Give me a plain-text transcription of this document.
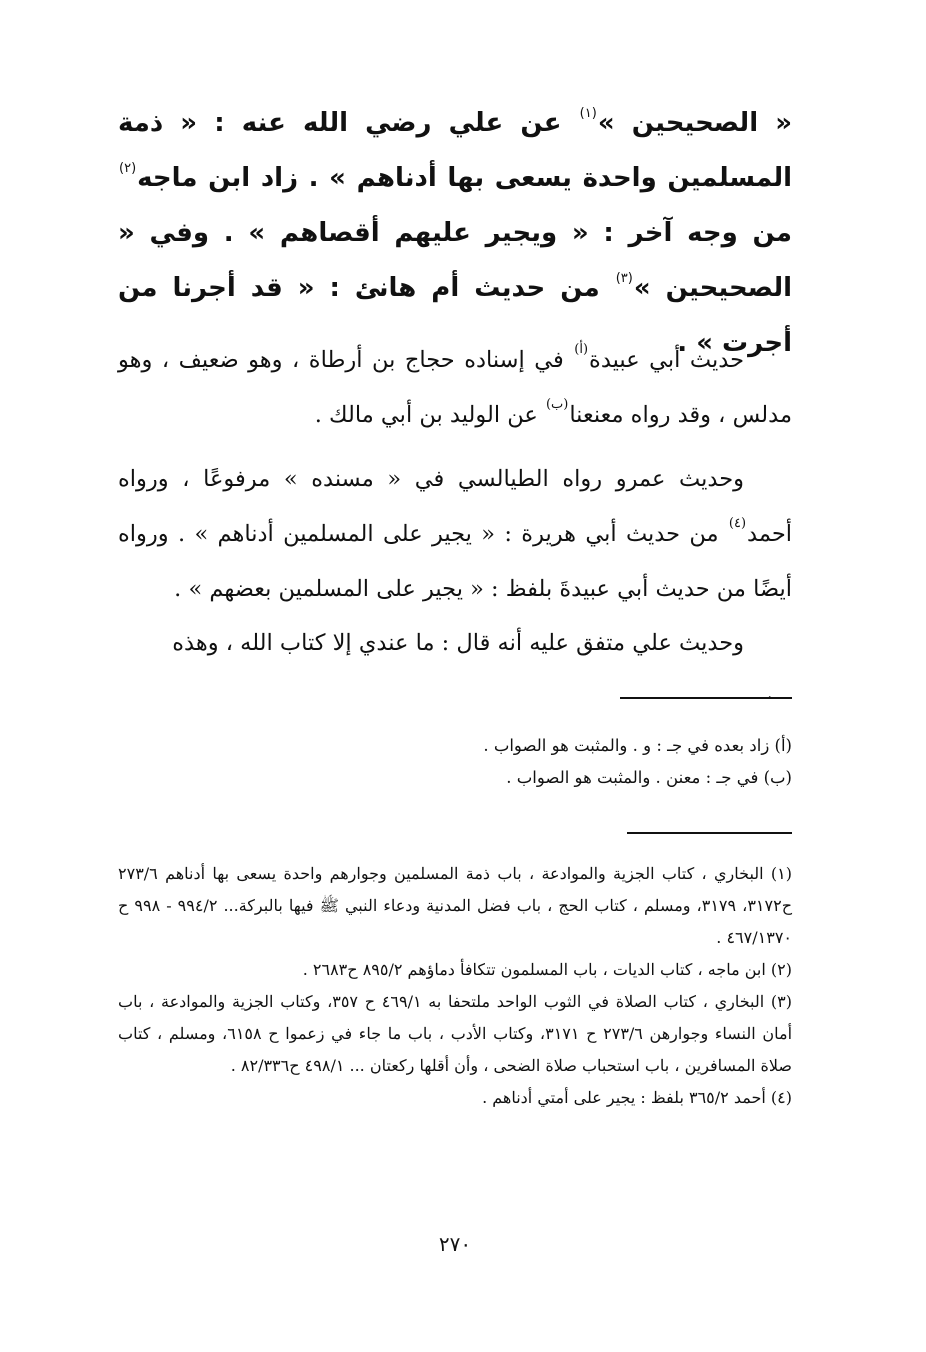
« الصحيحين »$^{(١)}$ عن علي رضي الله عنه : « ذمة المسلمين واحدة يسعى بها أدناهم » . زاد ابن ماجه$^{(٢)}$ من وجه آخر : « ويجير عليهم أقصاهم » . وفي « الصحيحين »$^{(٣)}$ من حديث أم هانئ : « قد أجرنا من أجرت » .
حديث أبي عبيدة$^{(أ)}$ في إسناده حجاج بن أرطاة ، وهو ضعيف ، وهو مدلس ، وقد رواه معنعنا$^{(ب)}$ عن الوليد بن أبي مالك .
وحديث عمرو رواه الطيالسي في « مسنده » مرفوعًا ، ورواه أحمد$^{(٤)}$ من حديث أبي هريرة : « يجير على المسلمين أدناهم » . ورواه أيضًا من حديث أبي عبيدةَ بلفظ : « يجير على المسلمين بعضهم » .
وحديث علي متفق عليه أنه قال : ما عندي إلا كتاب الله ، وهذه
.
(أ) زاد بعده في جـ : و . والمثبت هو الصواب .
(ب) في جـ : معنن . والمثبت هو الصواب .
(١) البخاري ، كتاب الجزية والموادعة ، باب ذمة المسلمين وجوارهم واحدة يسعى بها أدناهم ٢٧٣/٦ ح٣١٧٢، ٣١٧٩، ومسلم ، كتاب الحج ، باب فضل المدنية ودعاء النبي ﷺ فيها بالبركة... ٩٩٤/٢ - ٩٩٨ ح ٤٦٧/١٣٧٠ .
(٢) ابن ماجه ، كتاب الديات ، باب المسلمون تتكافأ دماؤهم ٨٩٥/٢ ح٢٦٨٣ .
(٣) البخاري ، كتاب الصلاة في الثوب الواحد ملتحفا به ٤٦٩/١ ح ٣٥٧، وكتاب الجزية والموادعة ، باب أمان النساء وجوارهن ٢٧٣/٦ ح ٣١٧١، وكتاب الأدب ، باب ما جاء في زعموا ح ٦١٥٨، ومسلم ، كتاب صلاة المسافرين ، باب استحباب صلاة الضحى ، وأن أقلها ركعتان ... ٤٩٨/١ ح٨٢/٣٣٦ .
(٤) أحمد ٣٦٥/٢ بلفظ : يجير على أمتي أدناهم .
٢٧٠
